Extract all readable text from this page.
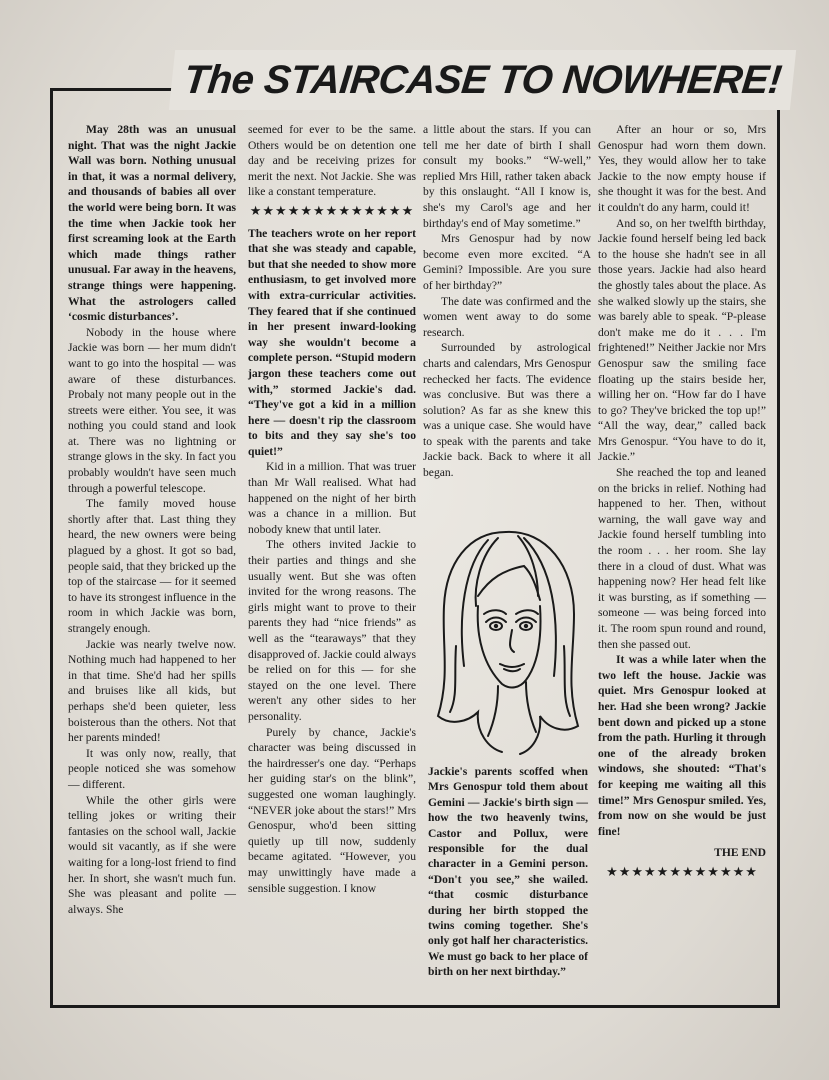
The STAIRCASE TO NOWHERE!

May 28th was an unusual night. That was the night Jackie Wall was born. Nothing unusual in that, it was a normal delivery, and thousands of babies all over the world were being born. It was the time when Jackie took her first screaming look at the Earth which made things rather unusual. Far away in the heavens, strange things were happening. What the astrologers called ‘cosmic disturbances’.

Nobody in the house where Jackie was born — her mum didn't want to go into the hospital — was aware of these disturbances. Probaly not many people out in the streets were either. You see, it was nothing you could stand and look at. There was no lightning or strange glows in the sky. In fact you probably wouldn't have seen much through a powerful telescope.

The family moved house shortly after that. Last thing they heard, the new owners were being plagued by a ghost. It got so bad, people said, that they bricked up the top of the staircase — for it seemed to have its strongest influence in the room in which Jackie was born, strangely enough.

Jackie was nearly twelve now. Nothing much had happened to her in that time. She'd had her spills and bruises like all kids, but perhaps she'd been quieter, less boisterous than the others. Not that her parents minded!

It was only now, really, that people noticed she was somehow — different.

While the other girls were telling jokes or writing their fantasies on the school wall, Jackie would sit vacantly, as if she were waiting for a long-lost friend to find her. In short, she wasn't much fun. She was pleasant and polite — always. She

seemed for ever to be the same. Others would be on detention one day and be receiving prizes for merit the next. Not Jackie. She was like a constant temperature.

★★★★★★★★★★★★★

The teachers wrote on her report that she was steady and capable, but that she needed to show more enthusiasm, to get involved more with extra-curricular activities. They feared that if she continued in her present inward-looking way she wouldn't become a complete person. “Stupid modern jargon these teachers come out with,” stormed Jackie's dad. “They've got a kid in a million here — doesn't rip the classroom to bits and they say she's too quiet!”

Kid in a million. That was truer than Mr Wall realised. What had happened on the night of her birth was a chance in a million. But nobody knew that until later.

The others invited Jackie to their parties and things and she usually went. But she was often invited for the wrong reasons. The girls might want to prove to their parents they had “nice friends” as well as the “tearaways” that they disapproved of. Jackie could always be relied on for this — for she stayed on the one level. There weren't any other sides to her personality.

Purely by chance, Jackie's character was being discussed in the hairdresser's one day. “Perhaps her guiding star's on the blink”, suggested one woman laughingly. “NEVER joke about the stars!” Mrs Genospur, who'd been sitting quietly up till now, suddenly became agitated. “However, you may unwittingly have made a sensible suggestion. I know

a little about the stars. If you can tell me her date of birth I shall consult my books.” “W-well,” replied Mrs Hill, rather taken aback by this onslaught. “All I know is, she's my Carol's age and her birthday's end of May sometime.”

Mrs Genospur had by now become even more excited. “A Gemini? Impossible. Are you sure of her birthday?”

The date was confirmed and the women went away to do some research.

Surrounded by astrological charts and calendars, Mrs Genospur rechecked her facts. The evidence was conclusive. But was there a solution? As far as she knew this was a unique case. She would have to speak with the parents and take Jackie back. Back to where it all began.

Jackie's parents scoffed when Mrs Genospur told them about Gemini — Jackie's birth sign — how the two heavenly twins, Castor and Pollux, were responsible for the dual character in a Gemini person. “Don't you see,” she wailed. “that cosmic disturbance during her birth stopped the twins coming together. She's only got half her characteristics. We must go back to her place of birth on her next birthday.”

After an hour or so, Mrs Genospur had worn them down. Yes, they would allow her to take Jackie to the now empty house if she thought it was for the best. And it couldn't do any harm, could it!

And so, on her twelfth birthday, Jackie found herself being led back to the house she hadn't see in all those years. Jackie had also heard the ghostly tales about the place. As she walked slowly up the stairs, she was barely able to speak. “P-please don't make me do it . . . I'm frightened!” Neither Jackie nor Mrs Genospur saw the smiling face floating up the stairs beside her, willing her on. “How far do I have to go? They've bricked the top up!” “All the way, dear,” called back Mrs Genospur. “You have to do it, Jackie.”

She reached the top and leaned on the bricks in relief. Nothing had happened to her. Then, without warning, the wall gave way and Jackie found herself tumbling into the room . . . her room. She lay there in a cloud of dust. What was happening now? Her head felt like it was bursting, as if something — someone — was being forced into it. The room spun round and round, then she passed out.

It was a while later when the two left the house. Jackie was quiet. Mrs Genospur looked at her. Had she been wrong? Jackie bent down and picked up a stone from the path. Hurling it through one of the already broken windows, she shouted: “That's for keeping me waiting all this time!” Mrs Genospur smiled. Yes, from now on she would be just fine!

THE END
★★★★★★★★★★★★
